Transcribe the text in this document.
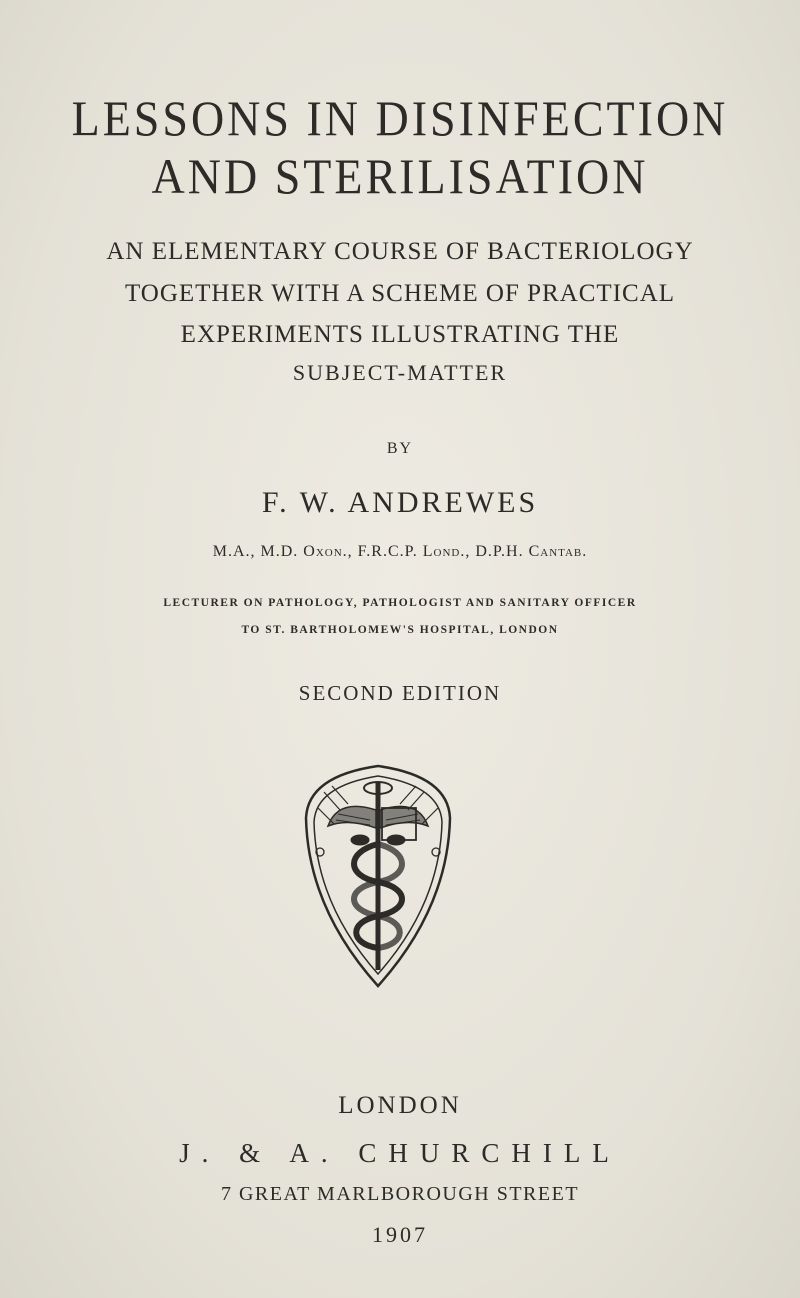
LESSONS IN DISINFECTION
AND STERILISATION
AN ELEMENTARY COURSE OF BACTERIOLOGY
TOGETHER WITH A SCHEME OF PRACTICAL
EXPERIMENTS ILLUSTRATING THE
SUBJECT-MATTER
BY
F. W. ANDREWES
M.A., M.D. Oxon., F.R.C.P. Lond., D.P.H. Cantab.
LECTURER ON PATHOLOGY, PATHOLOGIST AND SANITARY OFFICER
TO ST. BARTHOLOMEW'S HOSPITAL, LONDON
SECOND EDITION
LONDON
J. & A. CHURCHILL
7 GREAT MARLBOROUGH STREET
1907
